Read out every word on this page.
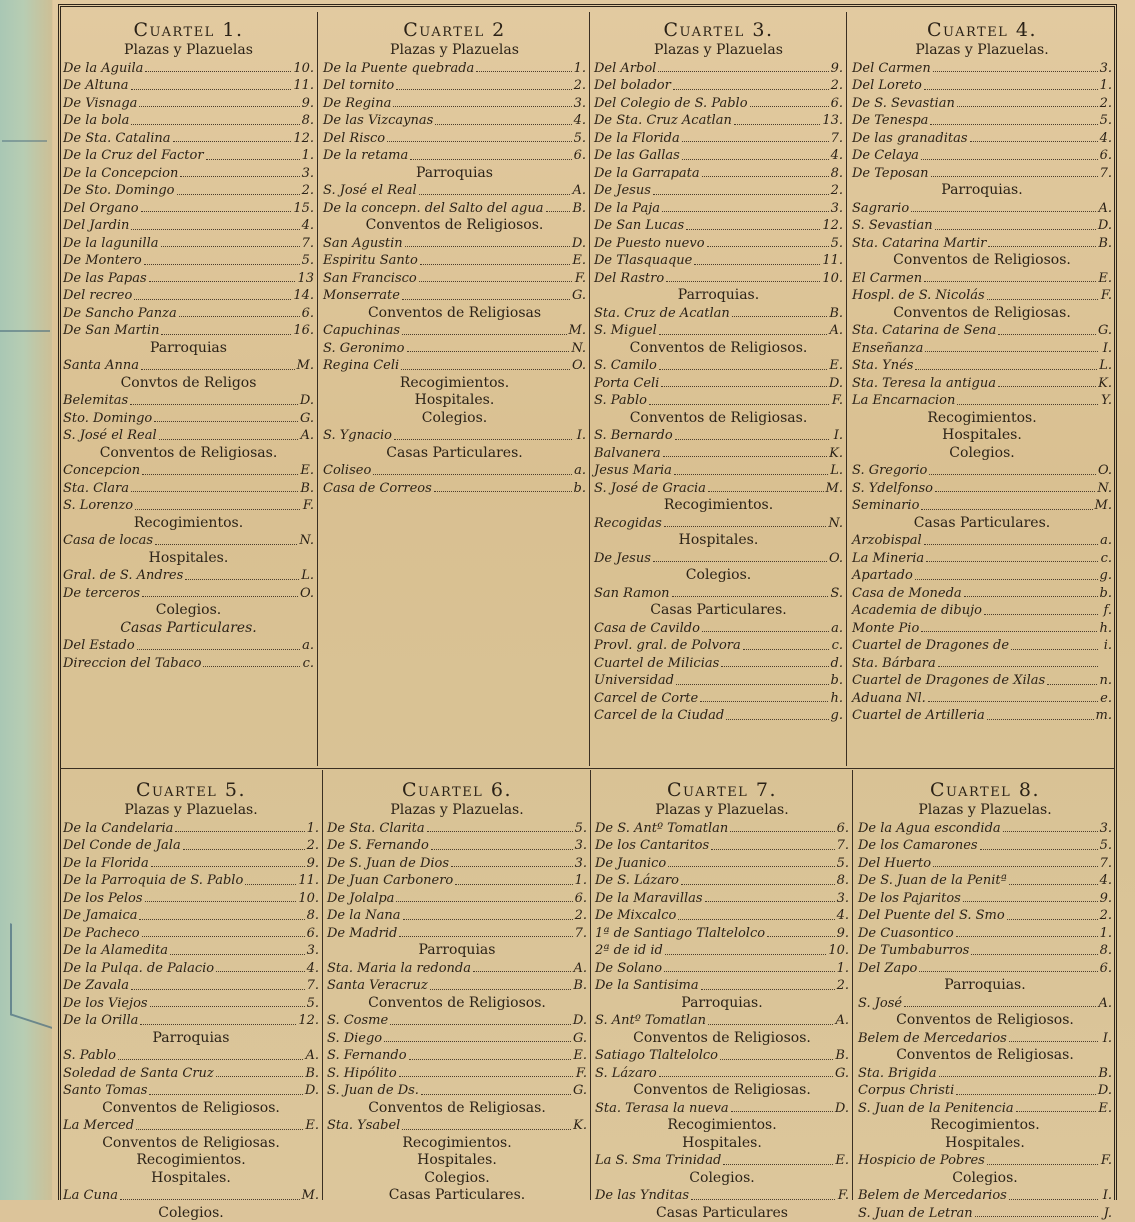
Cuartel 1.
Plazas y Plazuelas
De la Aguila	10.
De Altuna	11.
De Visnaga	9.
De la bola	8.
De Sta. Catalina	12.
De la Cruz del Factor	1.
De la Concepcion	3.
De Sto. Domingo	2.
Del Organo	15.
Del Jardin	4.
De la lagunilla	7.
De Montero	5.
De las Papas	13
Del recreo	14.
De Sancho Panza	6.
De San Martin	16.
Parroquias
Santa Anna	M.
Convtos de Religos
Belemitas	D.
Sto. Domingo	G.
S. José el Real	A.
Conventos de Religiosas.
Concepcion	E.
Sta. Clara	B.
S. Lorenzo	F.
Recogimientos.
Casa de locas	N.
Hospitales.
Gral. de S. Andres	L.
De terceros	O.
Colegios.
Casas Particulares.
Del Estado	a.
Direccion del Tabaco	c.
Cuartel 2
Plazas y Plazuelas
De la Puente quebrada	1.
Del tornito	2.
De Regina	3.
De las Vizcaynas	4.
Del Risco	5.
De la retama	6.
Parroquias
S. José el Real	A.
De la concepn. del Salto del agua B.
Conventos de Religiosos.
San Agustin	D.
Espiritu Santo	E.
San Francisco	F.
Monserrate	G.
Conventos de Religiosas
Capuchinas	M.
S. Geronimo	N.
Regina Celi	O.
Recogimientos.
Hospitales.
Colegios.
S. Ygnacio	I.
Casas Particulares.
Coliseo	a.
Casa de Correos	b.
Cuartel 3.
Plazas y Plazuelas
Del Arbol	9.
Del bolador	2.
Del Colegio de S. Pablo	6.
De Sta. Cruz Acatlan	13.
De la Florida	7.
De las Gallas	4.
De la Garrapata	8.
De Jesus	2.
De la Paja	3.
De San Lucas	12.
De Puesto nuevo	5.
De Tlasquaque	11.
Del Rastro	10.
Parroquias.
Sta. Cruz de Acatlan	B.
S. Miguel	A.
Conventos de Religiosos.
S. Camilo	E.
Porta Celi	D.
S. Pablo	F.
Conventos de Religiosas.
S. Bernardo	I.
Balvanera	K.
Jesus Maria	L.
S. José de Gracia	M.
Recogimientos.
Recogidas	N.
Hospitales.
De Jesus	O.
Colegios.
San Ramon	S.
Casas Particulares.
Casa de Cavildo	a.
Provl. gral. de Polvora	c.
Cuartel de Milicias	d.
Universidad	b.
Carcel de Corte	h.
Carcel de la Ciudad	g.
Cuartel 4.
Plazas y Plazuelas.
Del Carmen	3.
Del Loreto	1.
De S. Sevastian	2.
De Tenespa	5.
De las granaditas	4.
De Celaya	6.
De Teposan	7.
Parroquias.
Sagrario	A.
S. Sevastian	D.
Sta. Catarina Martir	B.
Conventos de Religiosos.
El Carmen	E.
Hospl. de S. Nicolás	F.
Conventos de Religiosas.
Sta. Catarina de Sena	G.
Enseñanza	I.
Sta. Ynés	L.
Sta. Teresa la antigua	K.
La Encarnacion	Y.
Recogimientos.
Hospitales.
Colegios.
S. Gregorio	O.
S. Ydelfonso	N.
Seminario	M.
Casas Particulares.
Arzobispal	a.
La Mineria	c.
Apartado	g.
Casa de Moneda	b.
Academia de dibujo	f.
Monte Pio	h.
Cuartel de Dragones de	i.
Sta. Bárbara
Cuartel de Dragones de Xilas	n.
Aduana Nl.	e.
Cuartel de Artilleria	m.
Cuartel 5.
Plazas y Plazuelas.
De la Candelaria	1.
Del Conde de Jala	2.
De la Florida	9.
De la Parroquia de S. Pablo	11.
De los Pelos	10.
De Jamaica	8.
De Pacheco	6.
De la Alamedita	3.
De la Pulqa. de Palacio	4.
De Zavala	7.
De los Viejos	5.
De la Orilla	12.
Parroquias
S. Pablo	A.
Soledad de Santa Cruz	B.
Santo Tomas	D.
Conventos de Religiosos.
La Merced	E.
Conventos de Religiosas.
Recogimientos.
Hospitales.
La Cuna	M.
Colegios.
Cuartel 6.
Plazas y Plazuelas.
De Sta. Clarita	5.
De S. Fernando	3.
De S. Juan de Dios	3.
De Juan Carbonero	1.
De Jolalpa	6.
De la Nana	2.
De Madrid	7.
Parroquias
Sta. Maria la redonda	A.
Santa Veracruz	B.
Conventos de Religiosos.
S. Cosme	D.
S. Diego	G.
S. Fernando	E.
S. Hipólito	F.
S. Juan de Ds.	G.
Conventos de Religiosas.
Sta. Ysabel	K.
Recogimientos.
Hospitales.
Colegios.
Casas Particulares.
Cuartel 7.
Plazas y Plazuelas.
De S. Antº Tomatlan	6.
De los Cantaritos	7.
De Juanico	5.
De S. Lázaro	8.
De la Maravillas	3.
De Mixcalco	4.
1ª de Santiago Tlaltelolco	9.
2ª de id id	10.
De Solano	1.
De la Santisima	2.
Parroquias.
S. Antº Tomatlan	A.
Conventos de Religiosos.
Satiago Tlaltelolco	B.
S. Lázaro	G.
Conventos de Religiosas.
Sta. Terasa la nueva	D.
Recogimientos.
Hospitales.
La S. Sma Trinidad	E.
Colegios.
De las Ynditas	F.
Casas Particulares
Cuartel 8.
Plazas y Plazuelas.
De la Agua escondida	3.
De los Camarones	5.
Del Huerto	7.
De S. Juan de la Penitª	4.
De los Pajaritos	9.
Del Puente del S. Smo	2.
De Cuasontico	1.
De Tumbaburros	8.
Del Zapo	6.
Parroquias.
S. José	A.
Conventos de Religiosos.
Belem de Mercedarios	I.
Conventos de Religiosas.
Sta. Brigida	B.
Corpus Christi	D.
S. Juan de la Penitencia	E.
Recogimientos.
Hospitales.
Hospicio de Pobres	F.
Colegios.
Belem de Mercedarios	I.
S. Juan de Letran	J.
